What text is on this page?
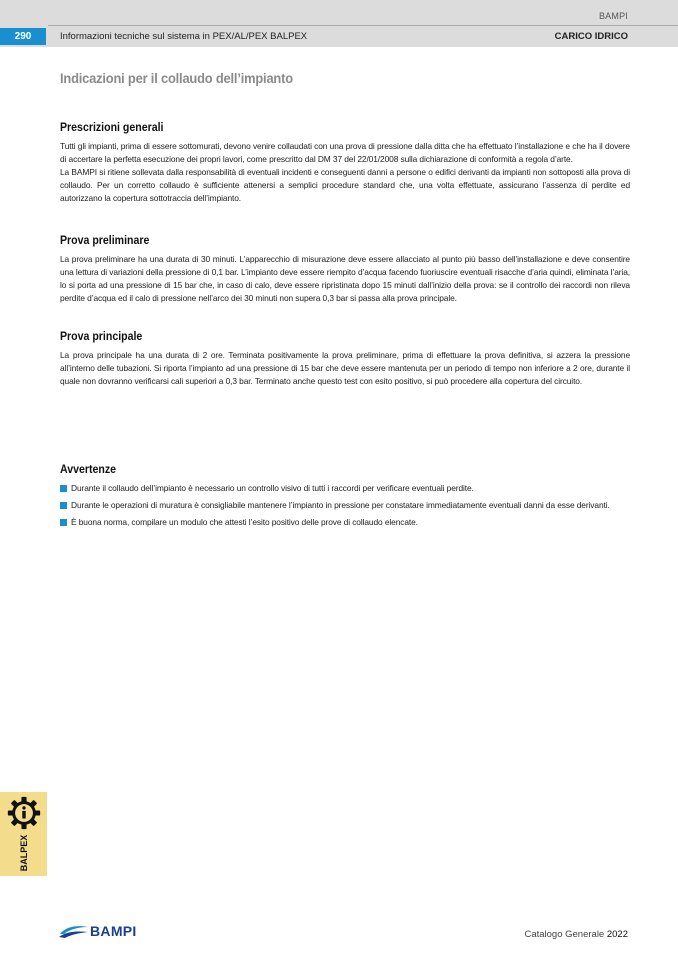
BAMPI
290	Informazioni tecniche sul sistema in PEX/AL/PEX BALPEX	CARICO IDRICO
Indicazioni per il collaudo dell’impianto
Prescrizioni generali

Tutti gli impianti, prima di essere sottomurati, devono venire collaudati con una prova di pressione dalla ditta che ha effettuato l’installazione e che ha il dovere di accertare la perfetta esecuzione dei propri lavori, come prescritto dal DM 37 del 22/01/2008 sulla dichiarazione di conformità a regola d’arte.

La BAMPI si ritiene sollevata dalla responsabilità di eventuali incidenti e conseguenti danni a persone o edifici derivanti da impianti non sottoposti alla prova di collaudo. Per un corretto collaudo è sufficiente attenersi a semplici procedure standard che, una volta effettuate, assicurano l’assenza di perdite ed autorizzano la copertura sottotraccia dell’impianto.

Prova preliminare

La prova preliminare ha una durata di 30 minuti. L’apparecchio di misurazione deve essere allacciato al punto più basso dell’installazione e deve consentire una lettura di variazioni della pressione di 0,1 bar. L’impianto deve essere riempito d’acqua facendo fuoriuscire eventuali risacche d’aria quindi, eliminata l’aria, lo si porta ad una pressione di 15 bar che, in caso di calo, deve essere ripristinata dopo 15 minuti dall’inizio della prova: se il controllo dei raccordi non rileva perdite d’acqua ed il calo di pressione nell’arco dei 30 minuti non supera 0,3 bar si passa alla prova principale.

Prova principale

La prova principale ha una durata di 2 ore. Terminata positivamente la prova preliminare, prima di effettuare la prova definitiva, si azzera la pressione all’interno delle tubazioni. Si riporta l’impianto ad una pressione di 15 bar che deve essere mantenuta per un periodo di tempo non inferiore a 2 ore, durante il quale non dovranno verificarsi cali superiori a 0,3 bar. Terminato anche questo test con esito positivo, si può procedere alla copertura del circuito.

Avvertenze
Durante il collaudo dell’impianto è necessario un controllo visivo di tutti i raccordi per verificare eventuali perdite.
Durante le operazioni di muratura è consigliabile mantenere l’impianto in pressione per constatare immediatamente eventuali danni da esse derivanti.
È buona norma, compilare un modulo che attesti l’esito positivo delle prove di collaudo elencate.
BALPEX
BAMPI	Catalogo Generale 2022
